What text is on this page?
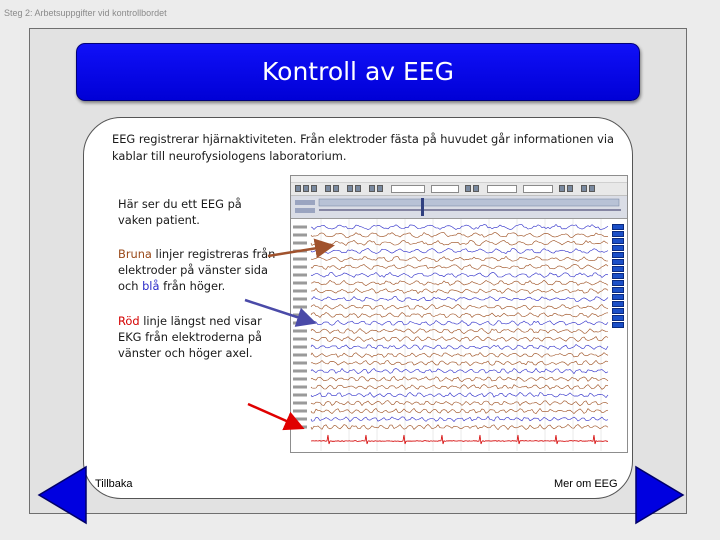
Steg 2: Arbetsuppgifter vid kontrollbordet
Kontroll av EEG
EEG registrerar hjärnaktiviteten. Från elektroder fästa på huvudet går informationen via kablar till neurofysiologens laboratorium.
Här ser du ett EEG på vaken patient.
Bruna linjer registreras från elektroder på vänster sida och blå från höger.
Röd linje längst ned visar EKG från elektroderna på vänster och höger axel.
Tillbaka	Mer om EEG
